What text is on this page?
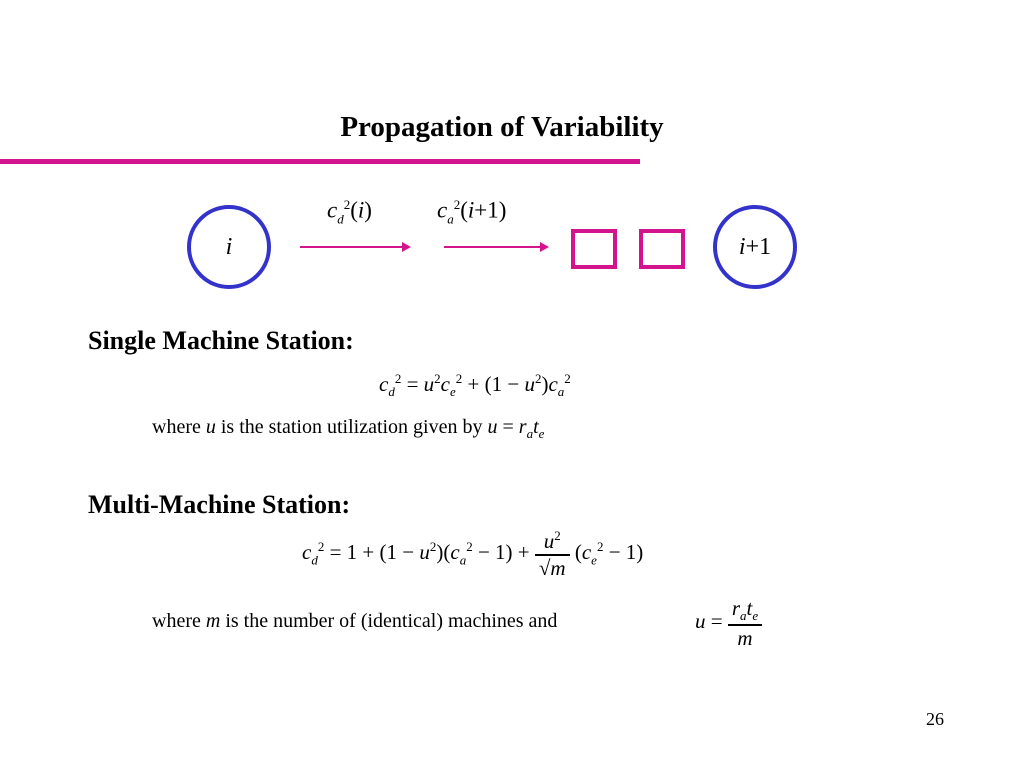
Propagation of Variability
i
$c_d^2(i)$	$c_a^2(i+1)$
i+1
Single Machine Station:
$c_d^2 = u^2c_e^2 + (1 - u^2)c_a^2$
where u is the station utilization given by $u = r_at_e$
Multi-Machine Station:
$c_d^2 = 1 + (1 - u^2)(c_a^2 - 1) + \frac{u^2}{√m} (c_e^2 - 1)$
where m is the number of (identical) machines and	$u = \frac{r_at_e}{m}$
26
